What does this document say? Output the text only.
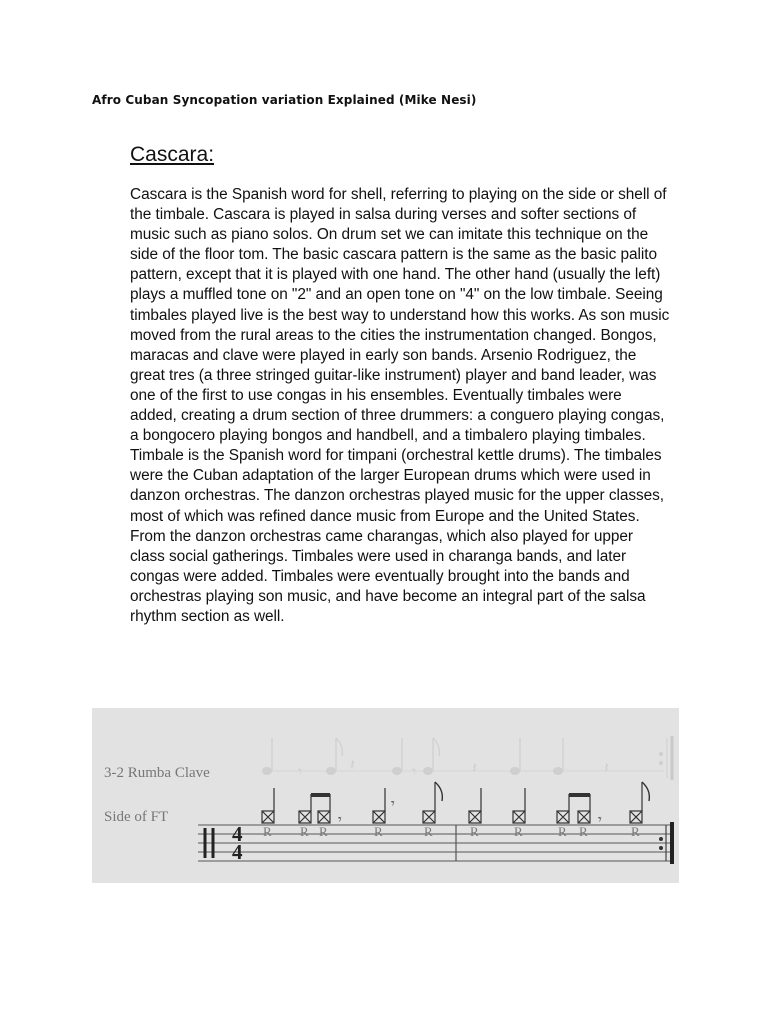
Afro Cuban Syncopation variation Explained (Mike Nesi)
Cascara:
Cascara is the Spanish word for shell, referring to playing on the side or shell of the timbale. Cascara is played in salsa during verses and softer sections of music such as piano solos. On drum set we can imitate this technique on the side of the floor tom. The basic cascara pattern is the same as the basic palito pattern, except that it is played with one hand. The other hand (usually the left) plays a muffled tone on "2" and an open tone on "4" on the low timbale. Seeing timbales played live is the best way to understand how this works. As son music moved from the rural areas to the cities the instrumentation changed. Bongos, maracas and clave were played in early son bands. Arsenio Rodriguez, the great tres (a three stringed guitar-like instrument) player and band leader, was one of the first to use congas in his ensembles. Eventually timbales were added, creating a drum section of three drummers: a conguero playing congas, a bongocero playing bongos and handbell, and a timbalero playing timbales. Timbale is the Spanish word for timpani (orchestral kettle drums). The timbales were the Cuban adaptation of the larger European drums which were used in danzon orchestras. The danzon orchestras played music for the upper classes, most of which was refined dance music from Europe and the United States. From the danzon orchestras came charangas, which also played for upper class social gatherings. Timbales were used in charanga bands, and later congas were added. Timbales were eventually brought into the bands and orchestras playing son music, and have become an integral part of the salsa rhythm section as well.
3-2 Rumba Clave
Side of FT
4
4
𝄾	𝄽	𝄾	𝄽	𝄽
𝄾
𝄾
𝄾
R R R	R	R	R	R	R R	R
